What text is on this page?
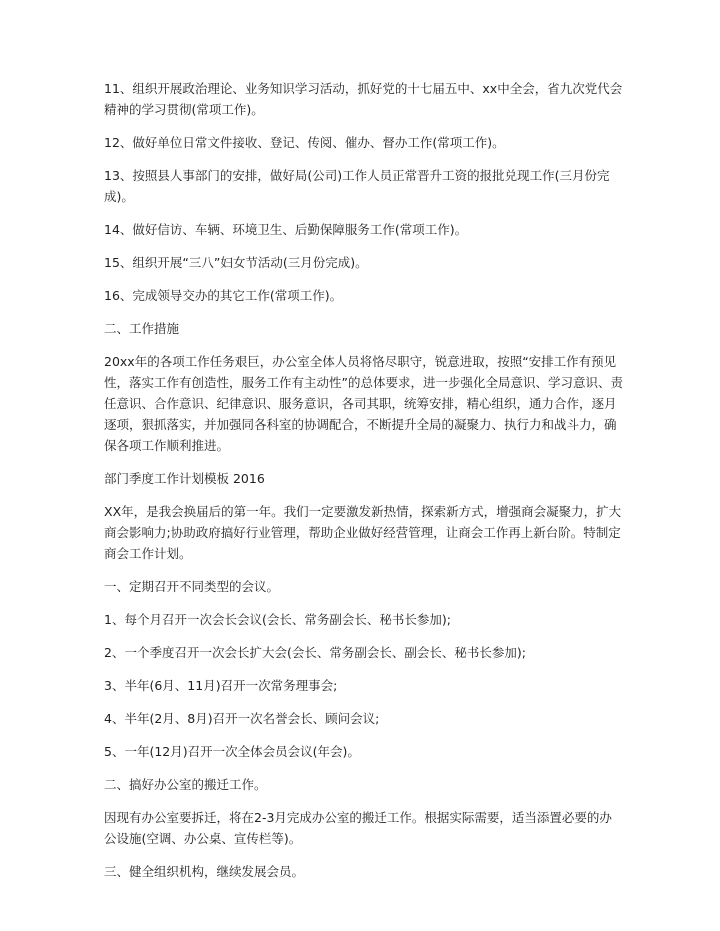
11、组织开展政治理论、业务知识学习活动，抓好党的十七届五中、xx中全会，省九次党代会精神的学习贯彻(常项工作)。

12、做好单位日常文件接收、登记、传阅、催办、督办工作(常项工作)。

13、按照县人事部门的安排，做好局(公司)工作人员正常晋升工资的报批兑现工作(三月份完成)。

14、做好信访、车辆、环境卫生、后勤保障服务工作(常项工作)。

15、组织开展“三八”妇女节活动(三月份完成)。

16、完成领导交办的其它工作(常项工作)。

二、工作措施

20xx年的各项工作任务艰巨，办公室全体人员将恪尽职守，锐意进取，按照“安排工作有预见性，落实工作有创造性，服务工作有主动性”的总体要求，进一步强化全局意识、学习意识、责任意识、合作意识、纪律意识、服务意识，各司其职，统筹安排，精心组织，通力合作，逐月逐项，狠抓落实，并加强同各科室的协调配合，不断提升全局的凝聚力、执行力和战斗力，确保各项工作顺利推进。

部门季度工作计划模板 2016

XX年，是我会换届后的第一年。我们一定要激发新热情，探索新方式，增强商会凝聚力，扩大商会影响力;协助政府搞好行业管理，帮助企业做好经营管理，让商会工作再上新台阶。特制定商会工作计划。

一、定期召开不同类型的会议。

1、每个月召开一次会长会议(会长、常务副会长、秘书长参加);

2、一个季度召开一次会长扩大会(会长、常务副会长、副会长、秘书长参加);

3、半年(6月、11月)召开一次常务理事会;

4、半年(2月、8月)召开一次名誉会长、顾问会议;

5、一年(12月)召开一次全体会员会议(年会)。

二、搞好办公室的搬迁工作。

因现有办公室要拆迁，将在2-3月完成办公室的搬迁工作。根据实际需要，适当添置必要的办公设施(空调、办公桌、宣传栏等)。

三、健全组织机构，继续发展会员。
